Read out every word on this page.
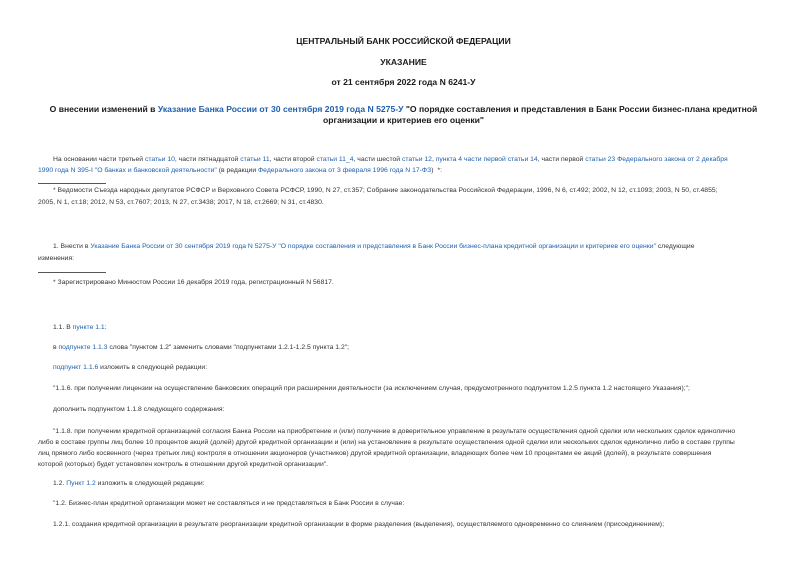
ЦЕНТРАЛЬНЫЙ БАНК РОССИЙСКОЙ ФЕДЕРАЦИИ
УКАЗАНИЕ
от 21 сентября 2022 года N 6241-У
О внесении изменений в Указание Банка России от 30 сентября 2019 года N 5275-У "О порядке составления и представления в Банк России бизнес-плана кредитной организации и критериев его оценки"
На основании части третьей статьи 10, части пятнадцатой статьи 11, части второй статьи 11_4, части шестой статьи 12, пункта 4 части первой статьи 14, части первой статьи 23 Федерального закона от 2 декабря
1990 года N 395-I "О банках и банковской деятельности" (в редакции Федерального закона от 3 февраля 1996 года N 17-ФЗ) *:
* Ведомости Съезда народных депутатов РСФСР и Верховного Совета РСФСР, 1990, N 27, ст.357; Собрание законодательства Российской Федерации, 1996, N 6, ст.492; 2002, N 12, ст.1093; 2003, N 50, ст.4855;
2005, N 1, ст.18; 2012, N 53, ст.7607; 2013, N 27, ст.3438; 2017, N 18, ст.2669; N 31, ст.4830.
1. Внести в Указание Банка России от 30 сентября 2019 года N 5275-У "О порядке составления и представления в Банк России бизнес-плана кредитной организации и критериев его оценки" следующие
изменения:
* Зарегистрировано Минюстом России 16 декабря 2019 года, регистрационный N 56817.
1.1. В пункте 1.1:
в подпункте 1.1.3 слова "пунктом 1.2" заменить словами "подпунктами 1.2.1-1.2.5 пункта 1.2";
подпункт 1.1.6 изложить в следующей редакции:
"1.1.6. при получении лицензии на осуществление банковских операций при расширении деятельности (за исключением случая, предусмотренного подпунктом 1.2.5 пункта 1.2 настоящего Указания);";
дополнить подпунктом 1.1.8 следующего содержания:
"1.1.8. при получении кредитной организацией согласия Банка России на приобретение и (или) получение в доверительное управление в результате осуществления одной сделки или нескольких сделок единолично
либо в составе группы лиц более 10 процентов акций (долей) другой кредитной организации и (или) на установление в результате осуществления одной сделки или нескольких сделок единолично либо в составе группы
лиц прямого либо косвенного (через третьих лиц) контроля в отношении акционеров (участников) другой кредитной организации, владеющих более чем 10 процентами ее акций (долей), в результате совершения
которой (которых) будет установлен контроль в отношении другой кредитной организации".
1.2. Пункт 1.2 изложить в следующей редакции:
"1.2. Бизнес-план кредитной организации может не составляться и не представляться в Банк России в случае:
1.2.1. создания кредитной организации в результате реорганизации кредитной организации в форме разделения (выделения), осуществляемого одновременно со слиянием (присоединением);
